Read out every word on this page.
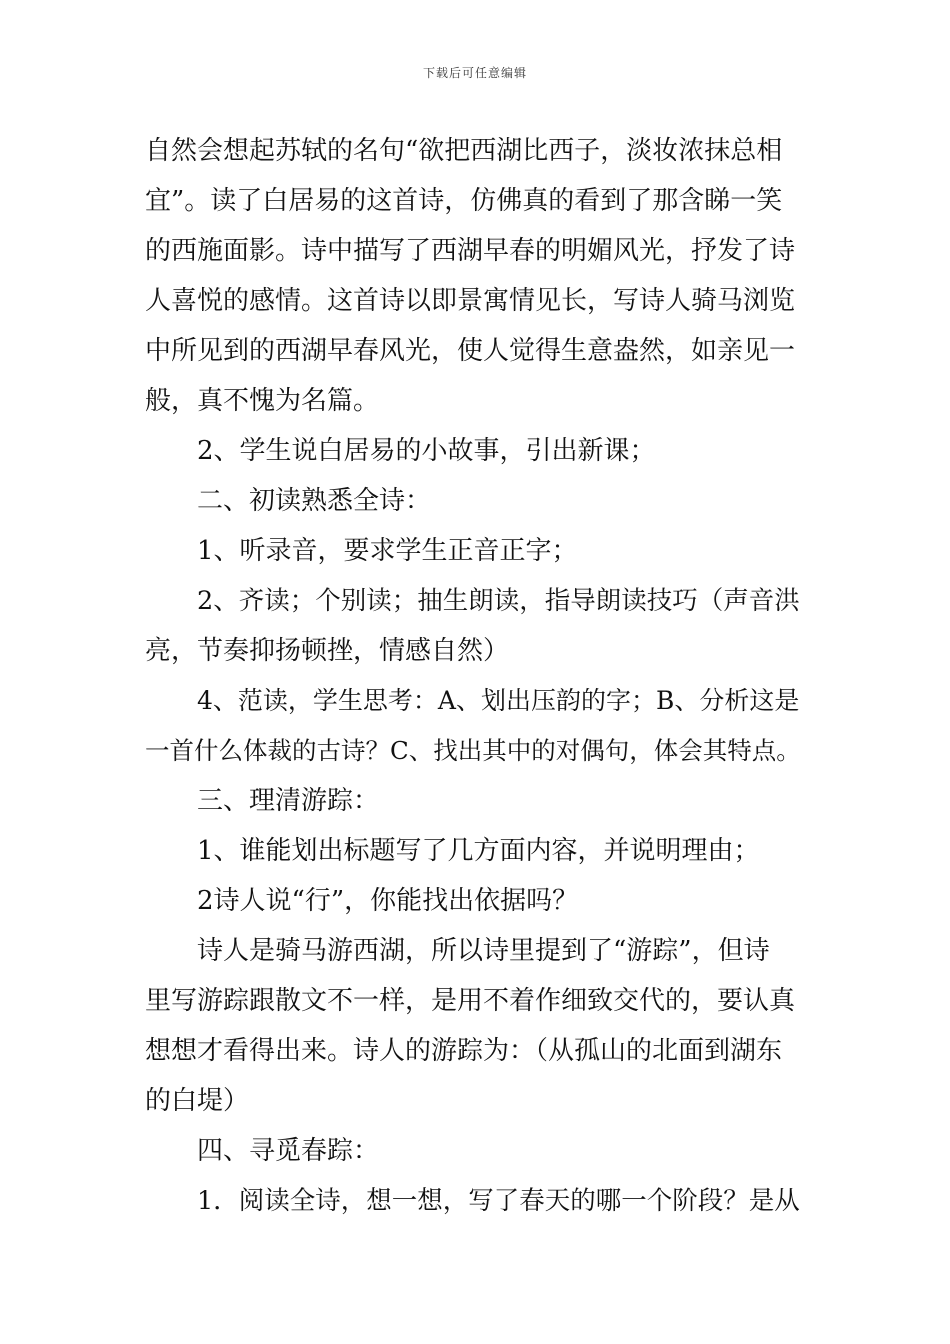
下载后可任意编辑
自然会想起苏轼的名句“欲把西湖比西子，淡妆浓抹总相
宜”。读了白居易的这首诗，仿佛真的看到了那含睇一笑
的西施面影。诗中描写了西湖早春的明媚风光，抒发了诗
人喜悦的感情。这首诗以即景寓情见长，写诗人骑马浏览
中所见到的西湖早春风光，使人觉得生意盎然，如亲见一
般，真不愧为名篇。
2、学生说白居易的小故事，引出新课；
二、初读熟悉全诗：
1、听录音，要求学生正音正字；
2、齐读；个别读；抽生朗读，指导朗读技巧（声音洪
亮，节奏抑扬顿挫，情感自然）
4、范读，学生思考：A、划出压韵的字；B、分析这是
一首什么体裁的古诗？C、找出其中的对偶句，体会其特点。
三、理清游踪：
1、谁能划出标题写了几方面内容，并说明理由；
2诗人说“行”，你能找出依据吗？
诗人是骑马游西湖，所以诗里提到了“游踪”，但诗
里写游踪跟散文不一样，是用不着作细致交代的，要认真
想想才看得出来。诗人的游踪为：（从孤山的北面到湖东
的白堤）
四、寻觅春踪：
1．阅读全诗，想一想，写了春天的哪一个阶段？是从
